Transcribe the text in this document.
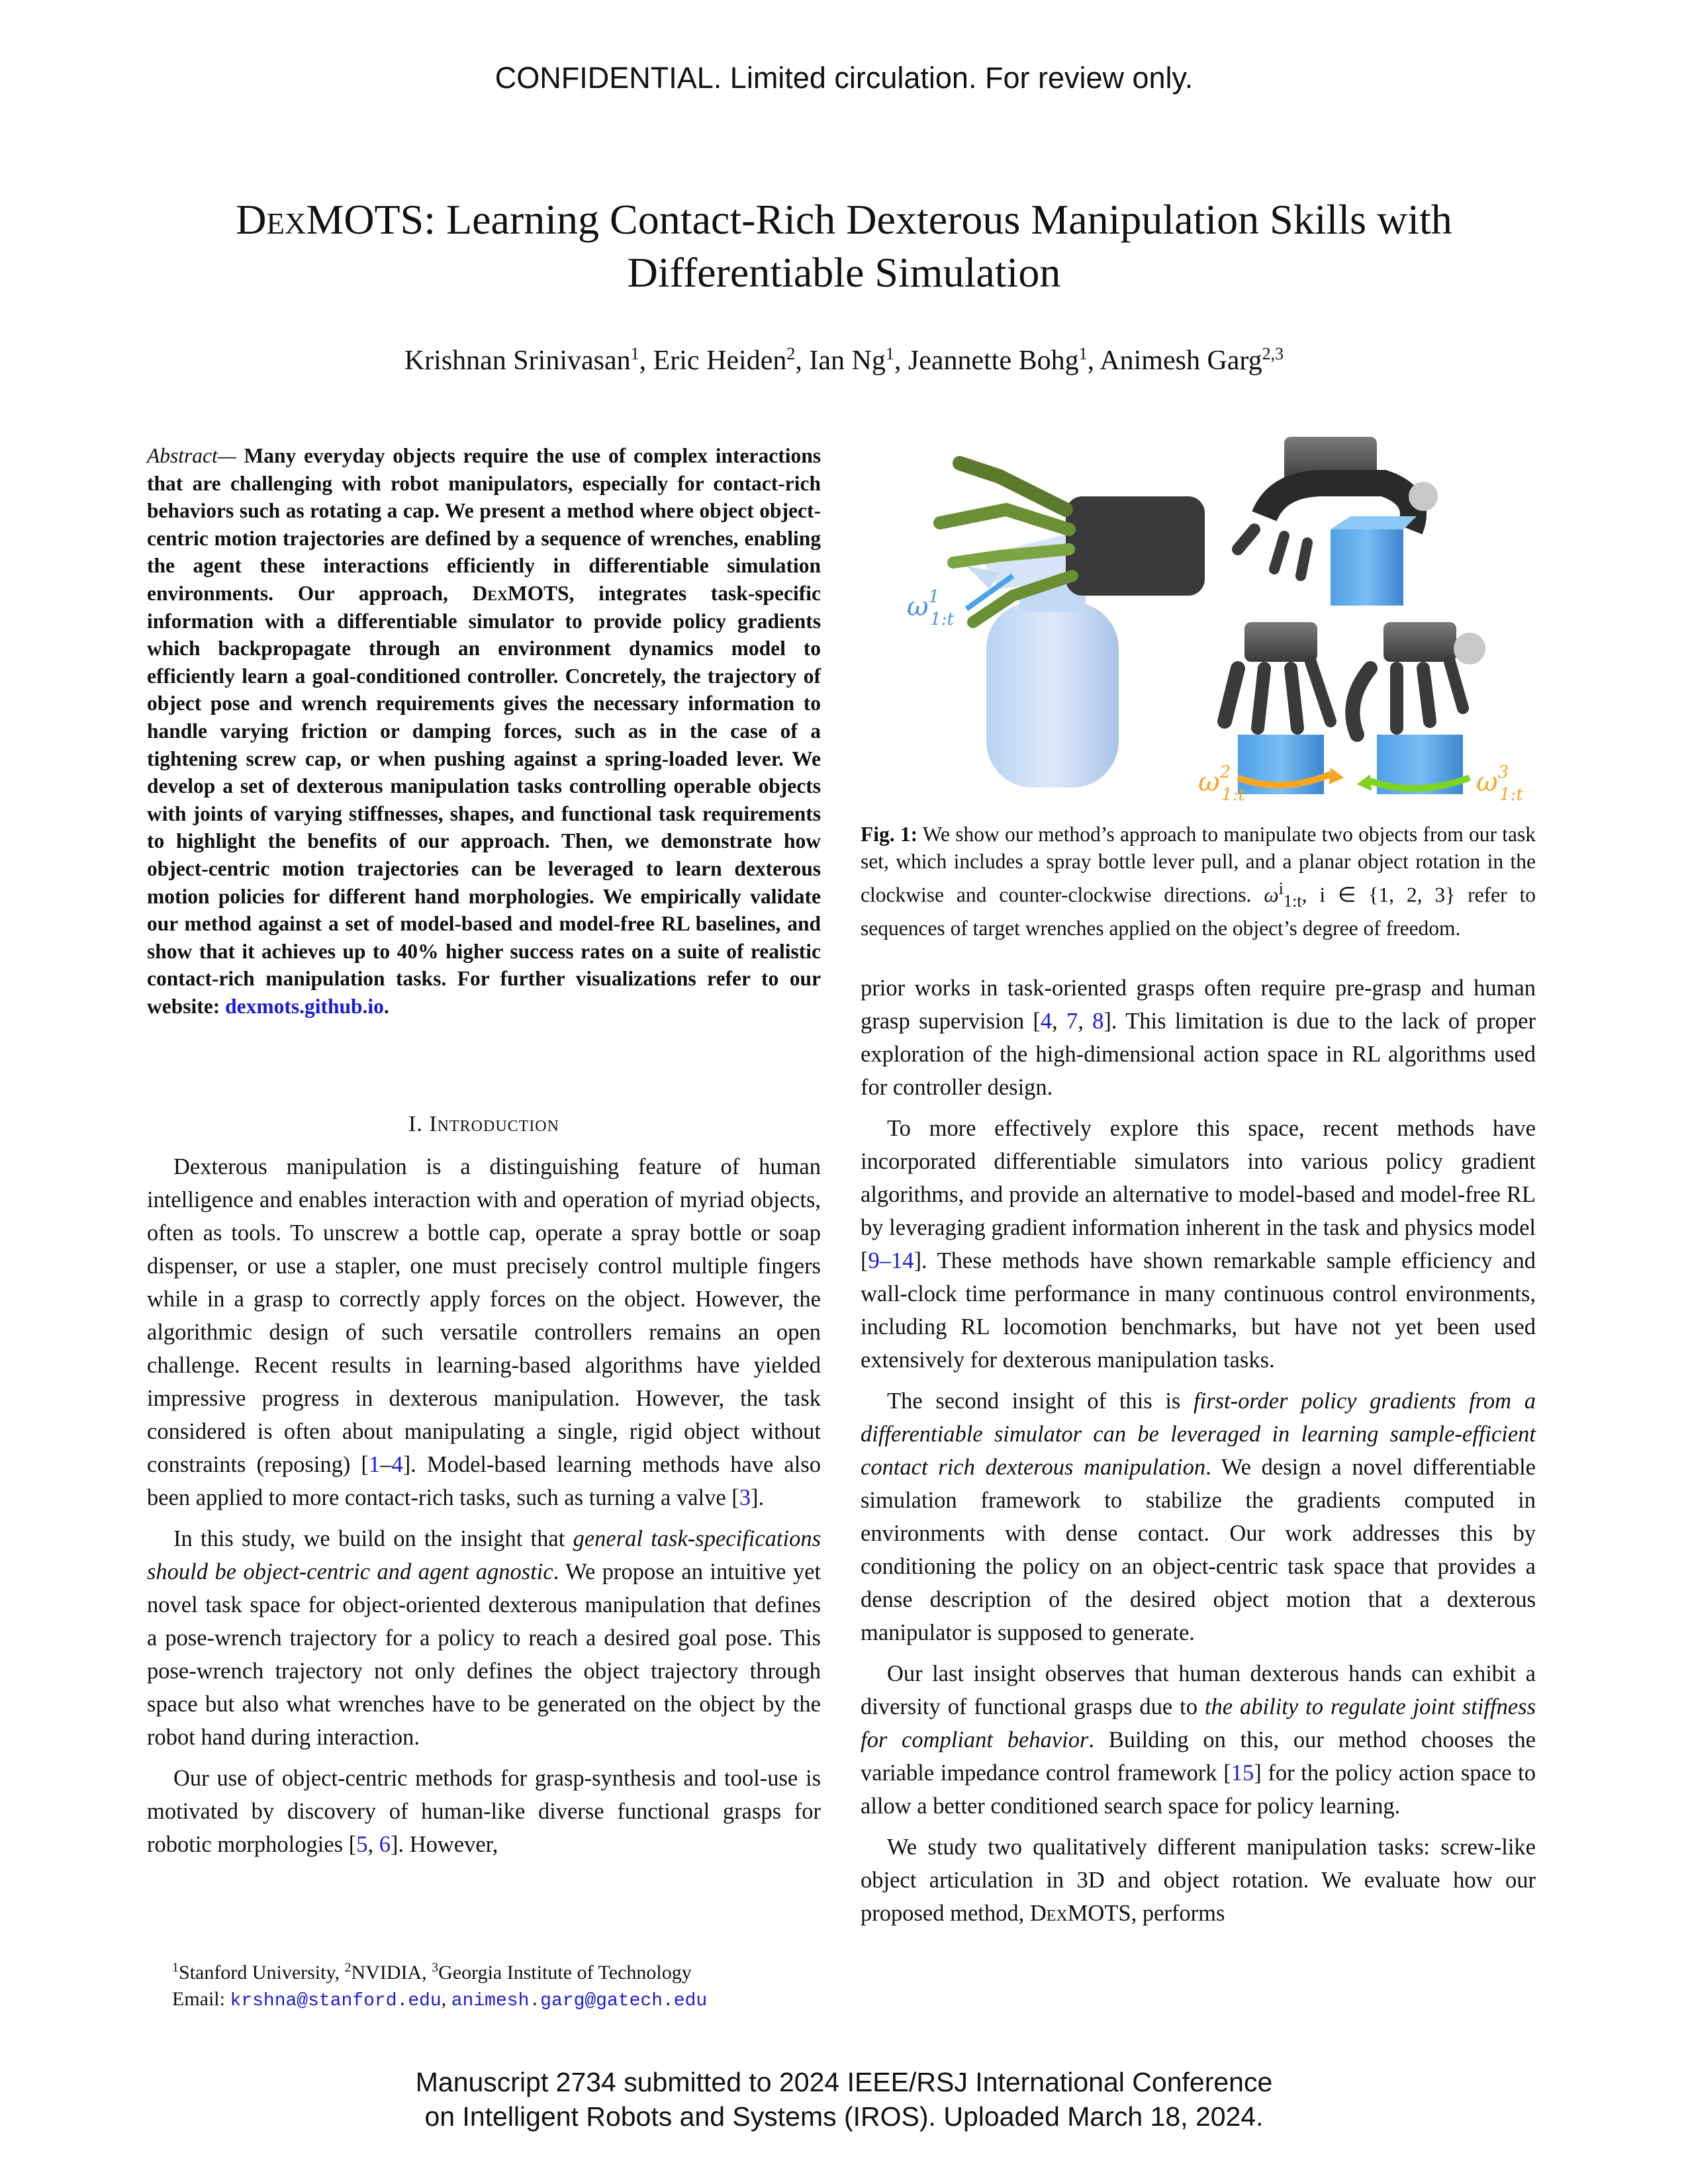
CONFIDENTIAL. Limited circulation. For review only.
DexMOTS: Learning Contact-Rich Dexterous Manipulation Skills with
Differentiable Simulation
Krishnan Srinivasan$^1$, Eric Heiden$^2$, Ian Ng$^1$, Jeannette Bohg$^1$, Animesh Garg$^{2,3}$
Abstract— Many everyday objects require the use of complex interactions that are challenging with robot manipulators, especially for contact-rich behaviors such as rotating a cap. We present a method where object object-centric motion trajectories are defined by a sequence of wrenches, enabling the agent these interactions efficiently in differentiable simulation environments. Our approach, DexMOTS, integrates task-specific information with a differentiable simulator to provide policy gradients which backpropagate through an environment dynamics model to efficiently learn a goal-conditioned controller. Concretely, the trajectory of object pose and wrench requirements gives the necessary information to handle varying friction or damping forces, such as in the case of a tightening screw cap, or when pushing against a spring-loaded lever. We develop a set of dexterous manipulation tasks controlling operable objects with joints of varying stiffnesses, shapes, and functional task requirements to highlight the benefits of our approach. Then, we demonstrate how object-centric motion trajectories can be leveraged to learn dexterous motion policies for different hand morphologies. We empirically validate our method against a set of model-based and model-free RL baselines, and show that it achieves up to 40% higher success rates on a suite of realistic contact-rich manipulation tasks. For further visualizations refer to our website: dexmots.github.io.
I. Introduction

Dexterous manipulation is a distinguishing feature of human intelligence and enables interaction with and operation of myriad objects, often as tools. To unscrew a bottle cap, operate a spray bottle or soap dispenser, or use a stapler, one must precisely control multiple fingers while in a grasp to correctly apply forces on the object. However, the algorithmic design of such versatile controllers remains an open challenge. Recent results in learning-based algorithms have yielded impressive progress in dexterous manipulation. However, the task considered is often about manipulating a single, rigid object without constraints (reposing) [1–4]. Model-based learning methods have also been applied to more contact-rich tasks, such as turning a valve [3].

In this study, we build on the insight that general task-specifications should be object-centric and agent agnostic. We propose an intuitive yet novel task space for object-oriented dexterous manipulation that defines a pose-wrench trajectory for a policy to reach a desired goal pose. This pose-wrench trajectory not only defines the object trajectory through space but also what wrenches have to be generated on the object by the robot hand during interaction.

Our use of object-centric methods for grasp-synthesis and tool-use is motivated by discovery of human-like diverse functional grasps for robotic morphologies [5, 6]. However,

$^1$Stanford University, $^2$NVIDIA, $^3$Georgia Institute of Technology
Email: krshna@stanford.edu, animesh.garg@gatech.edu
$\omega^1$ 1:t
$\omega^2$ 1:t	$\omega^3$ 1:t
Fig. 1: We show our method’s approach to manipulate two objects from our task set, which includes a spray bottle lever pull, and a planar object rotation in the clockwise and counter-clockwise directions. $\omega^i_{1:t}$, i ∈ {1, 2, 3} refer to sequences of target wrenches applied on the object’s degree of freedom.

prior works in task-oriented grasps often require pre-grasp and human grasp supervision [4, 7, 8]. This limitation is due to the lack of proper exploration of the high-dimensional action space in RL algorithms used for controller design.

To more effectively explore this space, recent methods have incorporated differentiable simulators into various policy gradient algorithms, and provide an alternative to model-based and model-free RL by leveraging gradient information inherent in the task and physics model [9–14]. These methods have shown remarkable sample efficiency and wall-clock time performance in many continuous control environments, including RL locomotion benchmarks, but have not yet been used extensively for dexterous manipulation tasks.

The second insight of this is first-order policy gradients from a differentiable simulator can be leveraged in learning sample-efficient contact rich dexterous manipulation. We design a novel differentiable simulation framework to stabilize the gradients computed in environments with dense contact. Our work addresses this by conditioning the policy on an object-centric task space that provides a dense description of the desired object motion that a dexterous manipulator is supposed to generate.

Our last insight observes that human dexterous hands can exhibit a diversity of functional grasps due to the ability to regulate joint stiffness for compliant behavior. Building on this, our method chooses the variable impedance control framework [15] for the policy action space to allow a better conditioned search space for policy learning.

We study two qualitatively different manipulation tasks: screw-like object articulation in 3D and object rotation. We evaluate how our proposed method, DexMOTS, performs

Manuscript 2734 submitted to 2024 IEEE/RSJ International Conference
on Intelligent Robots and Systems (IROS). Uploaded March 18, 2024.
